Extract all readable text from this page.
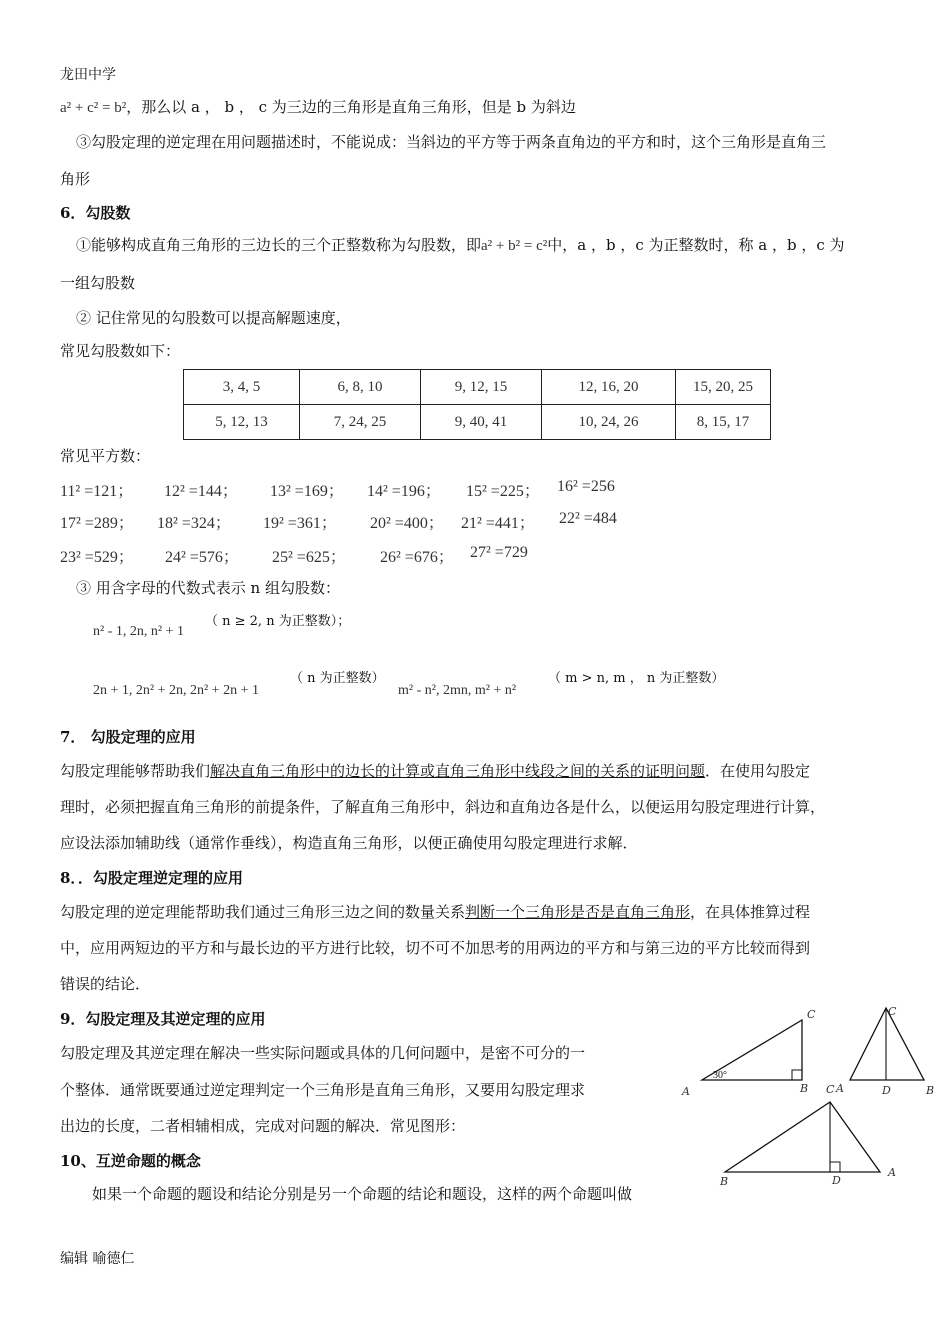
龙田中学
a² + c² = b²，那么以 a ， b ， c 为三边的三角形是直角三角形，但是 b 为斜边
③勾股定理的逆定理在用问题描述时，不能说成：当斜边的平方等于两条直角边的平方和时，这个三角形是直角三
角形
6．勾股数
①能够构成直角三角形的三边长的三个正整数称为勾股数，即a² + b² = c²中，a ，b ，c 为正整数时，称 a ，b ，c 为
一组勾股数
② 记住常见的勾股数可以提高解题速度，
常见勾股数如下：
3, 4, 5	6, 8, 10	9, 12, 15	12, 16, 20	15, 20, 25
5, 12, 13	7, 24, 25	9, 40, 41	10, 24, 26	8, 15, 17
常见平方数：
11² =121； 12² =144； 13² =169； 14² =196； 15² =225； 16² =256
17² =289； 18² =324； 19² =361； 20² =400； 21² =441； 22² =484
23² =529； 24² =576； 25² =625； 26² =676； 27² =729
③ 用含字母的代数式表示 n 组勾股数：
n² - 1, 2n, n² + 1
（ n ≥ 2, n 为正整数）；
2n + 1, 2n² + 2n, 2n² + 2n + 1
（ n 为正整数）
m² - n², 2mn, m² + n²
（ m > n, m ， n 为正整数）
7． 勾股定理的应用
勾股定理能够帮助我们解决直角三角形中的边长的计算或直角三角形中线段之间的关系的证明问题．在使用勾股定
理时，必须把握直角三角形的前提条件，了解直角三角形中，斜边和直角边各是什么，以便运用勾股定理进行计算，
应设法添加辅助线（通常作垂线），构造直角三角形，以便正确使用勾股定理进行求解．
8．．勾股定理逆定理的应用
勾股定理的逆定理能帮助我们通过三角形三边之间的数量关系判断一个三角形是否是直角三角形，在具体推算过程
中，应用两短边的平方和与最长边的平方进行比较，切不可不加思考的用两边的平方和与第三边的平方比较而得到
错误的结论．
9．勾股定理及其逆定理的应用
勾股定理及其逆定理在解决一些实际问题或具体的几何问题中，是密不可分的一
个整体．通常既要通过逆定理判定一个三角形是直角三角形，又要用勾股定理求
出边的长度，二者相辅相成，完成对问题的解决．常见图形：
10、互逆命题的概念
如果一个命题的题设和结论分别是另一个命题的结论和题设，这样的两个命题叫做
A	B
C
30°
C
A	D	B
C
B	D
A
编辑 喻德仁
